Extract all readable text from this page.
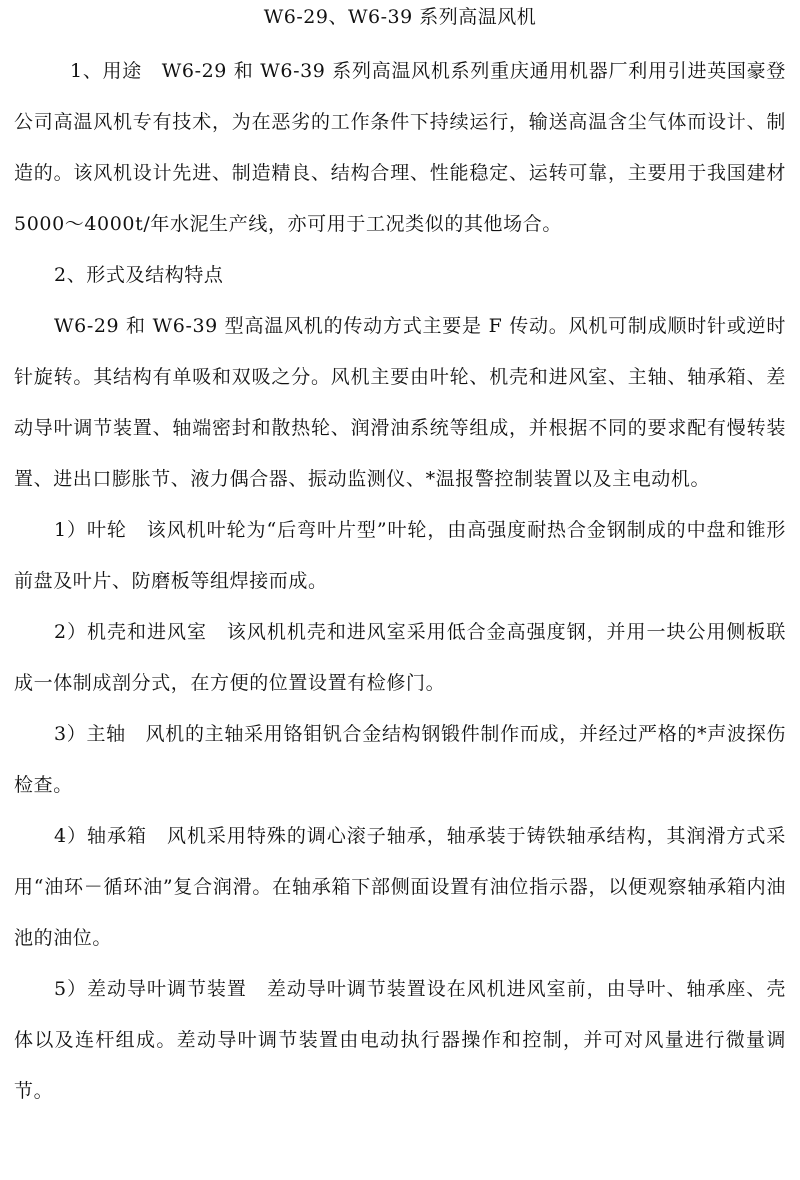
W6-29、W6-39 系列高温风机

1、用途　W6-29 和 W6-39 系列高温风机系列重庆通用机器厂利用引进英国豪登公司高温风机专有技术，为在恶劣的工作条件下持续运行，输送高温含尘气体而设计、制造的。该风机设计先进、制造精良、结构合理、性能稳定、运转可靠，主要用于我国建材 5000～4000t/年水泥生产线，亦可用于工况类似的其他场合。

2、形式及结构特点

W6-29 和 W6-39 型高温风机的传动方式主要是 F 传动。风机可制成顺时针或逆时针旋转。其结构有单吸和双吸之分。风机主要由叶轮、机壳和进风室、主轴、轴承箱、差动导叶调节装置、轴端密封和散热轮、润滑油系统等组成，并根据不同的要求配有慢转装置、进出口膨胀节、液力偶合器、振动监测仪、*温报警控制装置以及主电动机。

1）叶轮　该风机叶轮为“后弯叶片型”叶轮，由高强度耐热合金钢制成的中盘和锥形前盘及叶片、防磨板等组焊接而成。

2）机壳和进风室　该风机机壳和进风室采用低合金高强度钢，并用一块公用侧板联成一体制成剖分式，在方便的位置设置有检修门。

3）主轴　风机的主轴采用铬钼钒合金结构钢锻件制作而成，并经过严格的*声波探伤检查。

4）轴承箱　风机采用特殊的调心滚子轴承，轴承装于铸铁轴承结构，其润滑方式采用“油环－循环油”复合润滑。在轴承箱下部侧面设置有油位指示器，以便观察轴承箱内油池的油位。

5）差动导叶调节装置　差动导叶调节装置设在风机进风室前，由导叶、轴承座、壳体以及连杆组成。差动导叶调节装置由电动执行器操作和控制，并可对风量进行微量调节。
